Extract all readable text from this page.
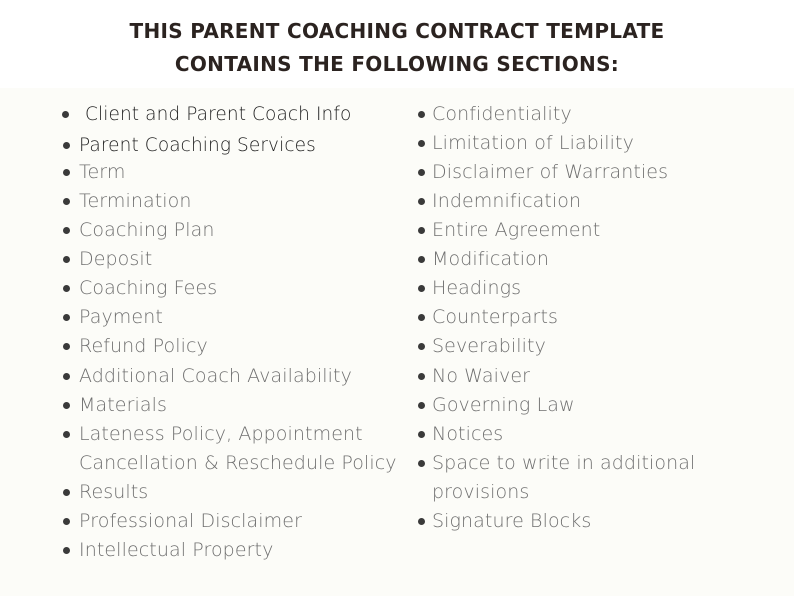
THIS PARENT COACHING CONTRACT TEMPLATE
CONTAINS THE FOLLOWING SECTIONS:
Client and Parent Coach Info
Parent Coaching Services
Term
Termination
Coaching Plan
Deposit
Coaching Fees
Payment
Refund Policy
Additional Coach Availability
Materials
Lateness Policy, Appointment
Cancellation & Reschedule Policy
Results
Professional Disclaimer
Intellectual Property
Confidentiality
Limitation of Liability
Disclaimer of Warranties
Indemnification
Entire Agreement
Modification
Headings
Counterparts
Severability
No Waiver
Governing Law
Notices
Space to write in additional
provisions
Signature Blocks
